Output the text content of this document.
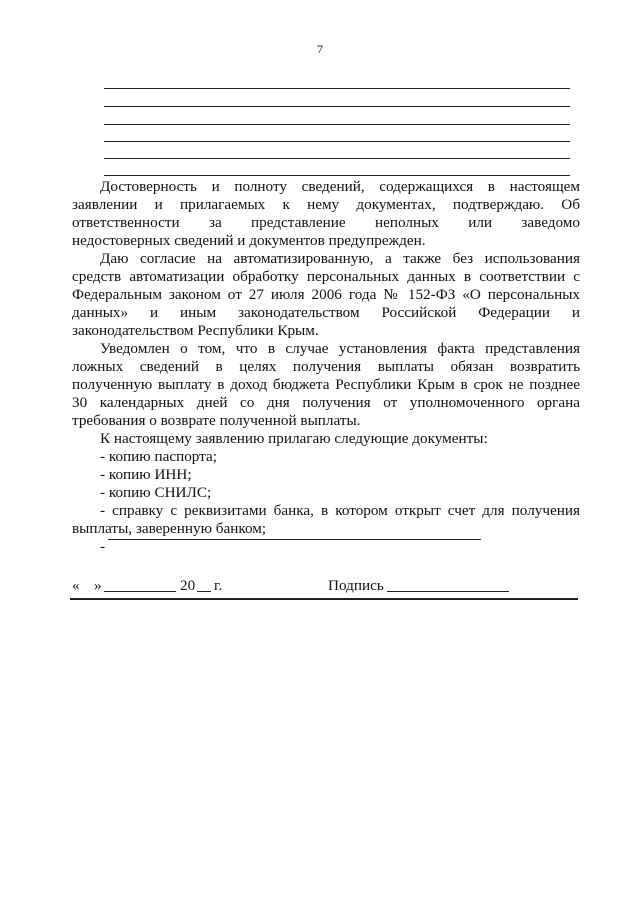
7
Достоверность и полноту сведений, содержащихся в настоящем
заявлении и прилагаемых к нему документах, подтверждаю. Об
ответственности за представление неполных или заведомо
недостоверных сведений и документов предупрежден.
Даю согласие на автоматизированную, а также без использования
средств автоматизации обработку персональных данных в соответствии с
Федеральным законом от 27 июля 2006 года № 152-ФЗ «О персональных
данных» и иным законодательством Российской Федерации и
законодательством Республики Крым.
Уведомлен о том, что в случае установления факта представления
ложных сведений в целях получения выплаты обязан возвратить
полученную выплату в доход бюджета Республики Крым в срок не позднее
30 календарных дней со дня получения от уполномоченного органа
требования о возврате полученной выплаты.
К настоящему заявлению прилагаю следующие документы:
- копию паспорта;
- копию ИНН;
- копию СНИЛС;
- справку с реквизитами банка, в котором открыт счет для получения
выплаты, заверенную банком;
-
« »	20 г.	Подпись
